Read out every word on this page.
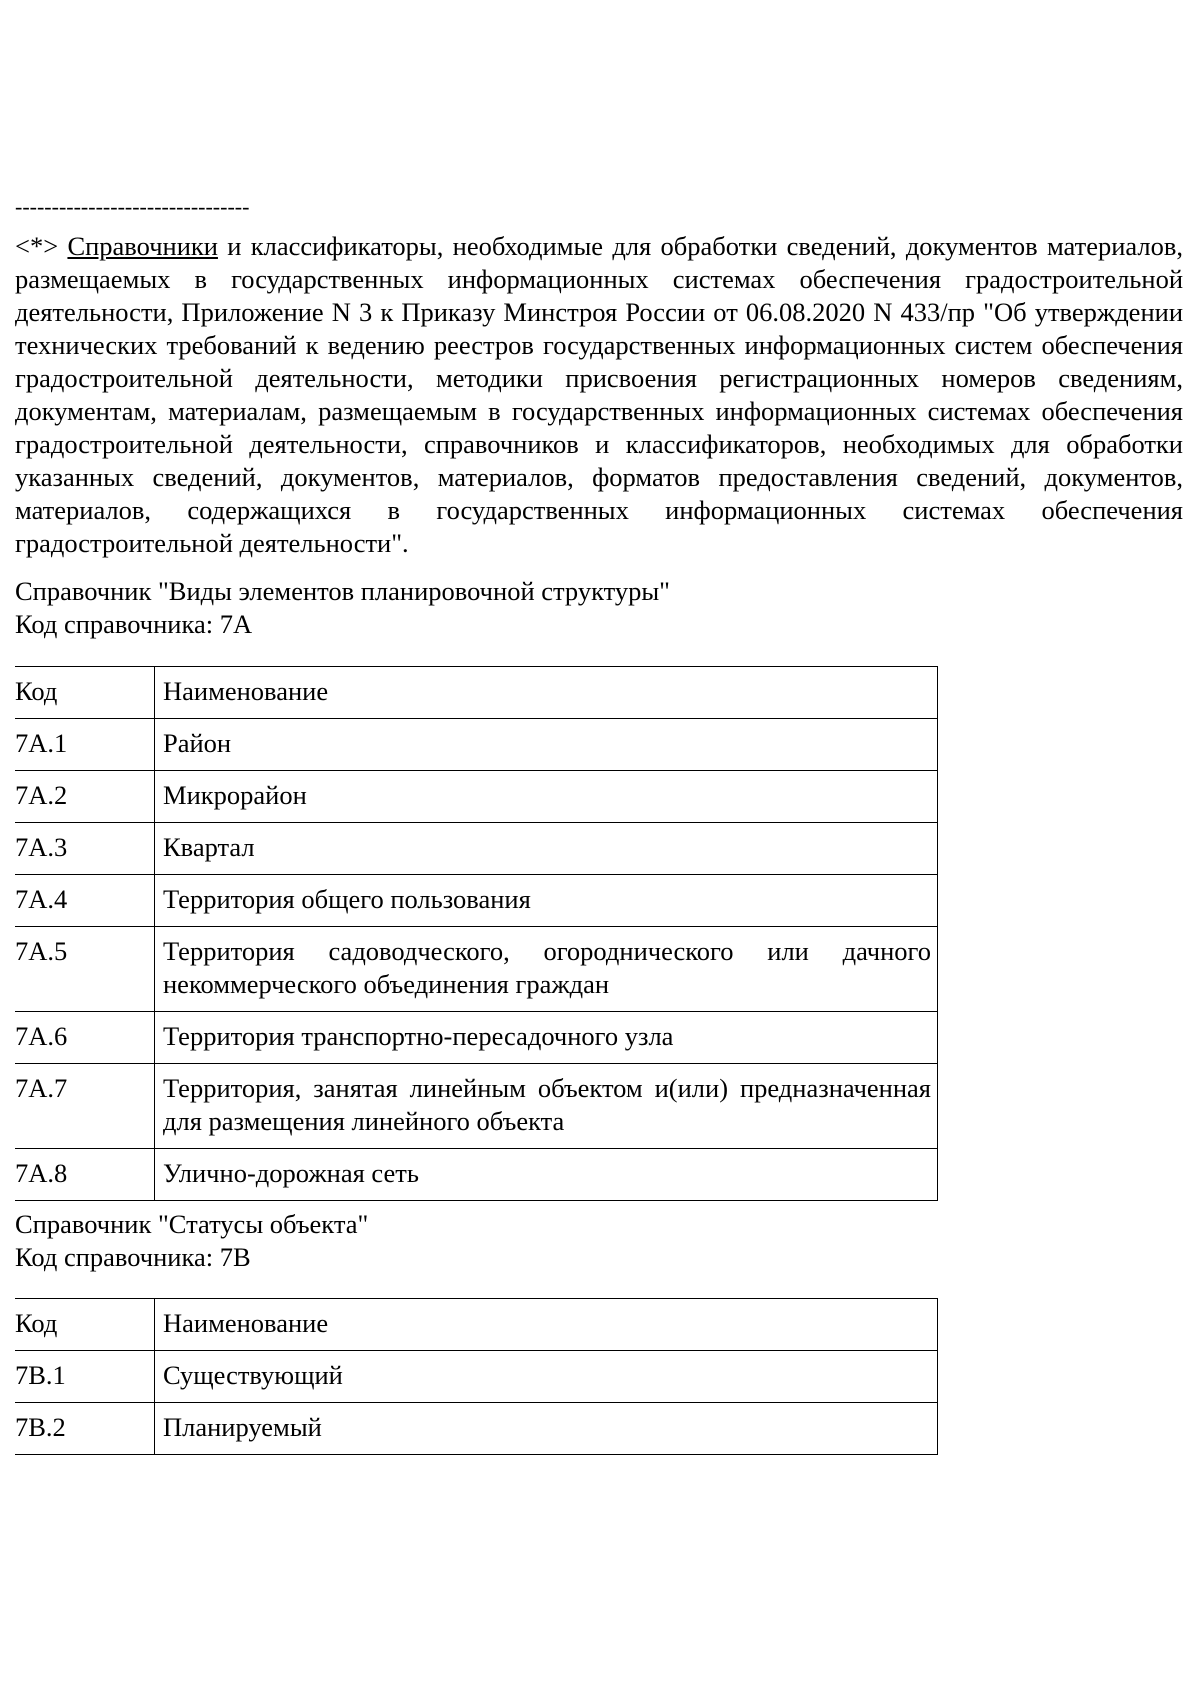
--------------------------------

<*> Справочники и классификаторы, необходимые для обработки сведений, документов материалов, размещаемых в государственных информационных системах обеспечения градостроительной деятельности, Приложение N 3 к Приказу Минстроя России от 06.08.2020 N 433/пр "Об утверждении технических требований к ведению реестров государственных информационных систем обеспечения градостроительной деятельности, методики присвоения регистрационных номеров сведениям, документам, материалам, размещаемым в государственных информационных системах обеспечения градостроительной деятельности, справочников и классификаторов, необходимых для обработки указанных сведений, документов, материалов, форматов предоставления сведений, документов, материалов, содержащихся в государственных информационных системах обеспечения градостроительной деятельности".

Справочник "Виды элементов планировочной структуры"
Код справочника: 7А
Код	Наименование
7А.1	Район
7А.2	Микрорайон
7А.3	Квартал
7А.4	Территория общего пользования
7А.5	Территория садоводческого, огороднического или дачного некоммерческого объединения граждан
7А.6	Территория транспортно-пересадочного узла
7А.7	Территория, занятая линейным объектом и(или) предназначенная для размещения линейного объекта
7А.8	Улично-дорожная сеть
Справочник "Статусы объекта"
Код справочника: 7В
Код	Наименование
7В.1	Существующий
7В.2	Планируемый
